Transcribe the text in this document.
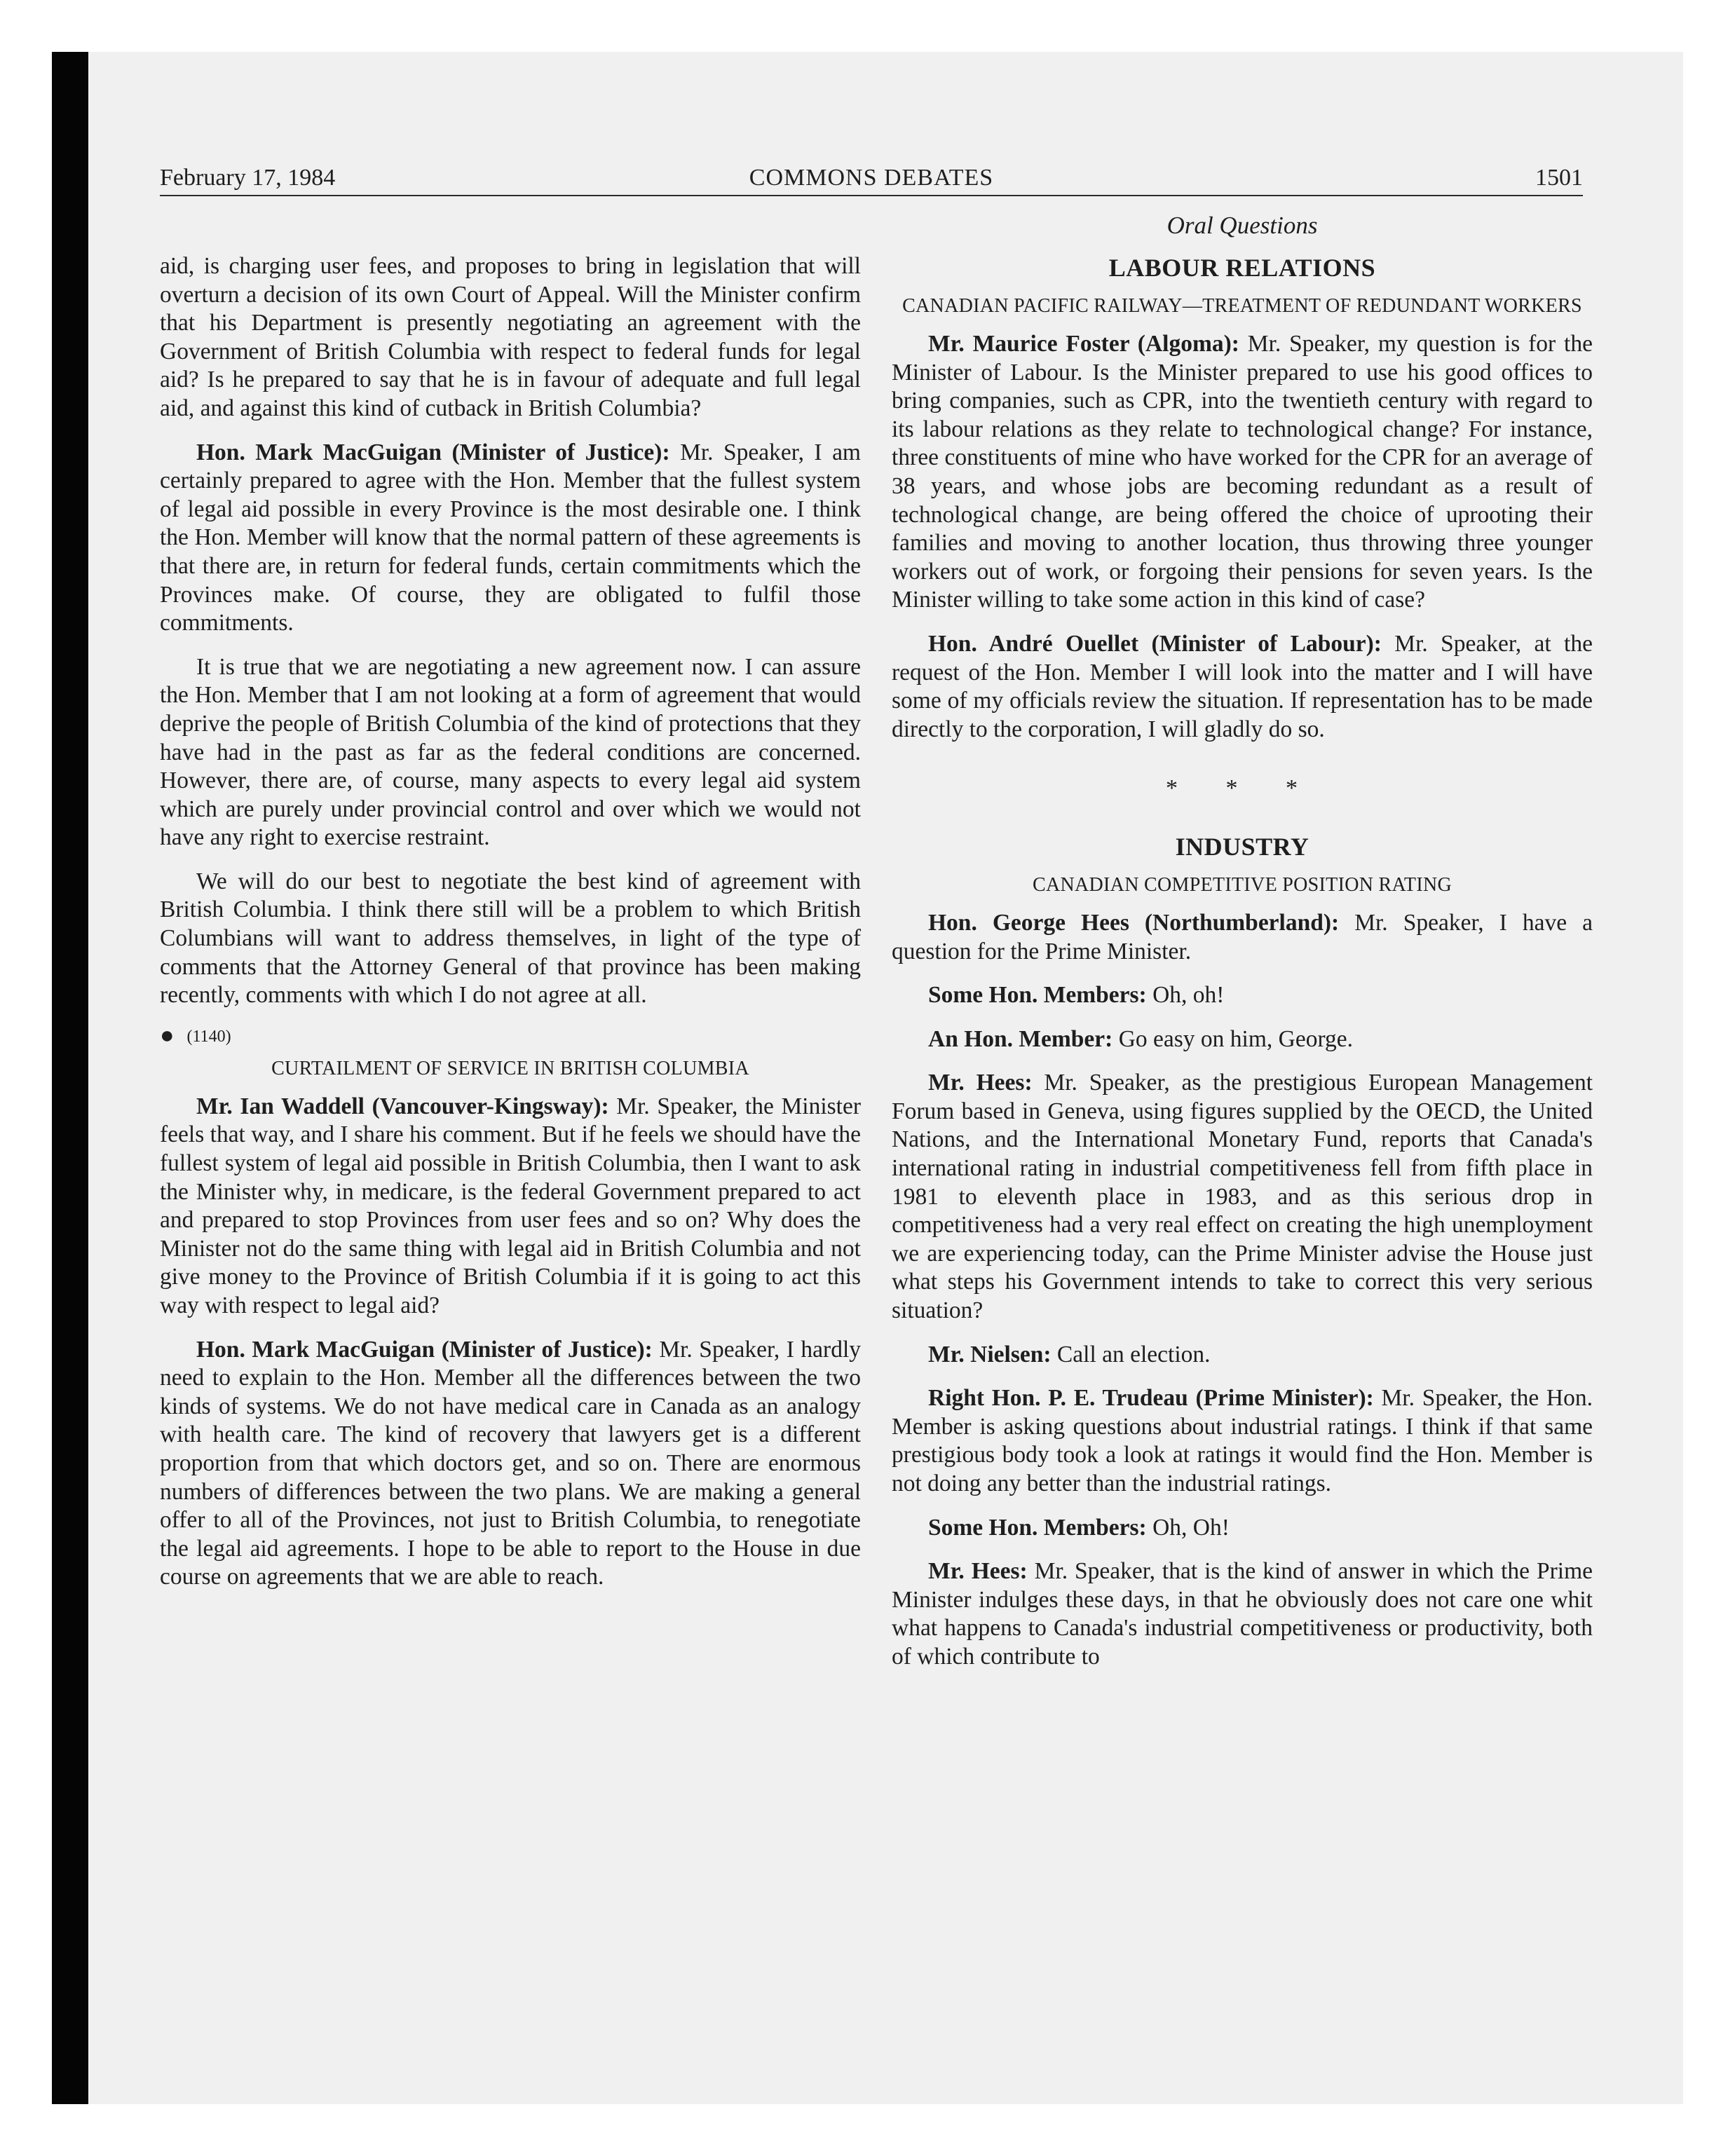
February 17, 1984	COMMONS DEBATES	1501

aid, is charging user fees, and proposes to bring in legislation that will overturn a decision of its own Court of Appeal. Will the Minister confirm that his Department is presently negotiating an agreement with the Government of British Columbia with respect to federal funds for legal aid? Is he prepared to say that he is in favour of adequate and full legal aid, and against this kind of cutback in British Columbia?

Hon. Mark MacGuigan (Minister of Justice): Mr. Speaker, I am certainly prepared to agree with the Hon. Member that the fullest system of legal aid possible in every Province is the most desirable one. I think the Hon. Member will know that the normal pattern of these agreements is that there are, in return for federal funds, certain commitments which the Provinces make. Of course, they are obligated to fulfil those commitments.

It is true that we are negotiating a new agreement now. I can assure the Hon. Member that I am not looking at a form of agreement that would deprive the people of British Columbia of the kind of protections that they have had in the past as far as the federal conditions are concerned. However, there are, of course, many aspects to every legal aid system which are purely under provincial control and over which we would not have any right to exercise restraint.

We will do our best to negotiate the best kind of agreement with British Columbia. I think there still will be a problem to which British Columbians will want to address themselves, in light of the type of comments that the Attorney General of that province has been making recently, comments with which I do not agree at all.

● (1140)
CURTAILMENT OF SERVICE IN BRITISH COLUMBIA

Mr. Ian Waddell (Vancouver-Kingsway): Mr. Speaker, the Minister feels that way, and I share his comment. But if he feels we should have the fullest system of legal aid possible in British Columbia, then I want to ask the Minister why, in medicare, is the federal Government prepared to act and prepared to stop Provinces from user fees and so on? Why does the Minister not do the same thing with legal aid in British Columbia and not give money to the Province of British Columbia if it is going to act this way with respect to legal aid?

Hon. Mark MacGuigan (Minister of Justice): Mr. Speaker, I hardly need to explain to the Hon. Member all the differences between the two kinds of systems. We do not have medical care in Canada as an analogy with health care. The kind of recovery that lawyers get is a different proportion from that which doctors get, and so on. There are enormous numbers of differences between the two plans. We are making a general offer to all of the Provinces, not just to British Columbia, to renegotiate the legal aid agreements. I hope to be able to report to the House in due course on agreements that we are able to reach.

Oral Questions
LABOUR RELATIONS
CANADIAN PACIFIC RAILWAY—TREATMENT OF REDUNDANT WORKERS

Mr. Maurice Foster (Algoma): Mr. Speaker, my question is for the Minister of Labour. Is the Minister prepared to use his good offices to bring companies, such as CPR, into the twentieth century with regard to its labour relations as they relate to technological change? For instance, three constituents of mine who have worked for the CPR for an average of 38 years, and whose jobs are becoming redundant as a result of technological change, are being offered the choice of uprooting their families and moving to another location, thus throwing three younger workers out of work, or forgoing their pensions for seven years. Is the Minister willing to take some action in this kind of case?

Hon. André Ouellet (Minister of Labour): Mr. Speaker, at the request of the Hon. Member I will look into the matter and I will have some of my officials review the situation. If representation has to be made directly to the corporation, I will gladly do so.

* * *
INDUSTRY
CANADIAN COMPETITIVE POSITION RATING

Hon. George Hees (Northumberland): Mr. Speaker, I have a question for the Prime Minister.

Some Hon. Members: Oh, oh!

An Hon. Member: Go easy on him, George.

Mr. Hees: Mr. Speaker, as the prestigious European Management Forum based in Geneva, using figures supplied by the OECD, the United Nations, and the International Monetary Fund, reports that Canada's international rating in industrial competitiveness fell from fifth place in 1981 to eleventh place in 1983, and as this serious drop in competitiveness had a very real effect on creating the high unemployment we are experiencing today, can the Prime Minister advise the House just what steps his Government intends to take to correct this very serious situation?

Mr. Nielsen: Call an election.

Right Hon. P. E. Trudeau (Prime Minister): Mr. Speaker, the Hon. Member is asking questions about industrial ratings. I think if that same prestigious body took a look at ratings it would find the Hon. Member is not doing any better than the industrial ratings.

Some Hon. Members: Oh, Oh!

Mr. Hees: Mr. Speaker, that is the kind of answer in which the Prime Minister indulges these days, in that he obviously does not care one whit what happens to Canada's industrial competitiveness or productivity, both of which contribute to
